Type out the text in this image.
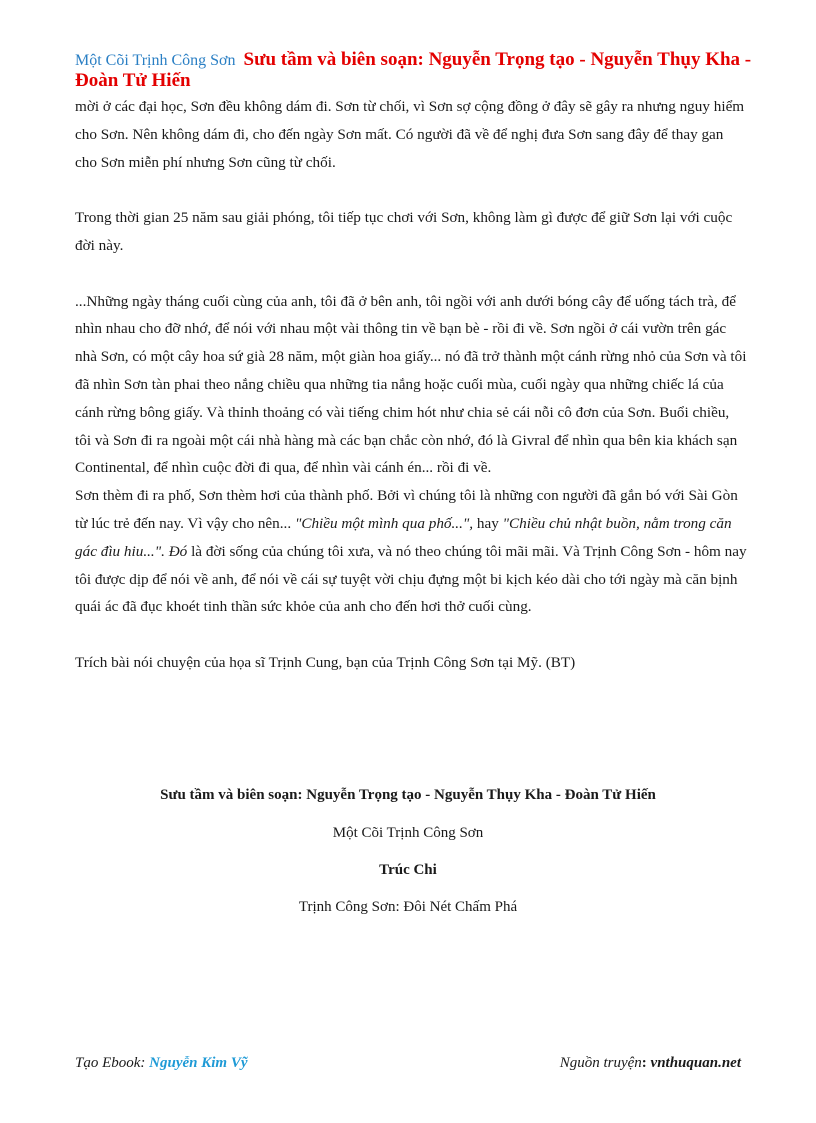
Một Cõi Trịnh Công Sơn Sưu tầm và biên soạn: Nguyễn Trọng tạo - Nguyễn Thụy Kha - Đoàn Tử Hiến

mời ở các đại học, Sơn đều không dám đi. Sơn từ chối, vì Sơn sợ cộng đồng ở đây sẽ gây ra nhưng nguy hiểm cho Sơn. Nên không dám đi, cho đến ngày Sơn mất. Có người đã về để nghị đưa Sơn sang đây để thay gan cho Sơn miễn phí nhưng Sơn cũng từ chối.

Trong thời gian 25 năm sau giải phóng, tôi tiếp tục chơi với Sơn, không làm gì được để giữ Sơn lại với cuộc đời này.

...Những ngày tháng cuối cùng của anh, tôi đã ở bên anh, tôi ngồi với anh dưới bóng cây để uống tách trà, để nhìn nhau cho đỡ nhớ, để nói với nhau một vài thông tin về bạn bè - rồi đi về. Sơn ngồi ở cái vườn trên gác nhà Sơn, có một cây hoa sứ già 28 năm, một giàn hoa giấy... nó đã trở thành một cánh rừng nhỏ của Sơn và tôi đã nhìn Sơn tàn phai theo nắng chiều qua những tia nắng hoặc cuối mùa, cuối ngày qua những chiếc lá của cánh rừng bông giấy. Và thỉnh thoảng có vài tiếng chim hót như chia sẻ cái nỗi cô đơn của Sơn. Buổi chiều, tôi và Sơn đi ra ngoài một cái nhà hàng mà các bạn chắc còn nhớ, đó là Givral để nhìn qua bên kia khách sạn Continental, để nhìn cuộc đời đi qua, để nhìn vài cánh én... rồi đi về.

Sơn thèm đi ra phố, Sơn thèm hơi của thành phố. Bởi vì chúng tôi là những con người đã gắn bó với Sài Gòn từ lúc trẻ đến nay. Vì vậy cho nên... "Chiều một mình qua phố...", hay "Chiều chủ nhật buồn, nằm trong căn gác đìu hiu...". Đó là đời sống của chúng tôi xưa, và nó theo chúng tôi mãi mãi. Và Trịnh Công Sơn - hôm nay tôi được dịp để nói về anh, để nói về cái sự tuyệt vời chịu đựng một bi kịch kéo dài cho tới ngày mà căn bịnh quái ác đã đục khoét tinh thần sức khỏe của anh cho đến hơi thở cuối cùng.

Trích bài nói chuyện của họa sĩ Trịnh Cung, bạn của Trịnh Công Sơn tại Mỹ. (BT)

Sưu tầm và biên soạn: Nguyễn Trọng tạo - Nguyễn Thụy Kha - Đoàn Tử Hiến
Một Cõi Trịnh Công Sơn
Trúc Chi
Trịnh Công Sơn: Đôi Nét Chấm Phá
Tạo Ebook: Nguyễn Kim Vỹ	Nguồn truyện: vnthuquan.net
